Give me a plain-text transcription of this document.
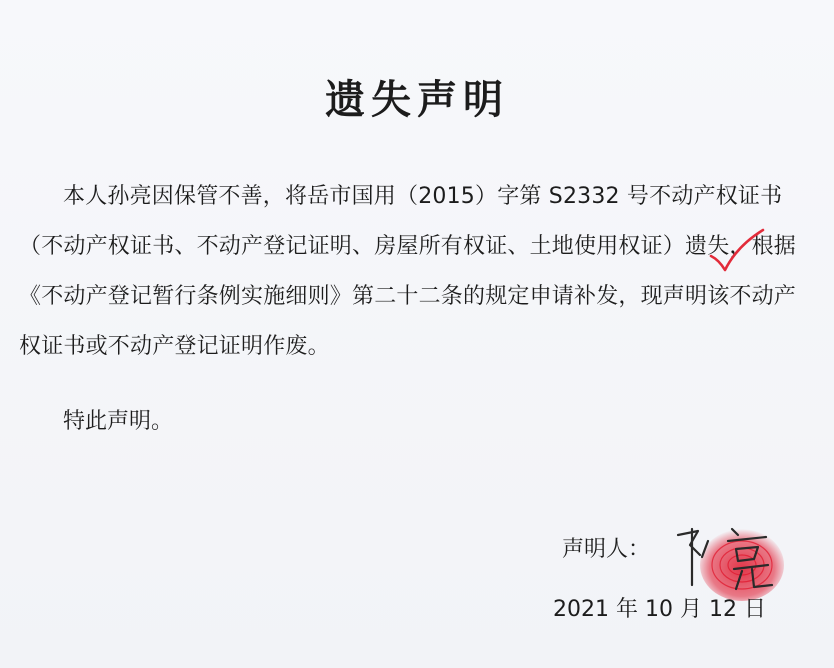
遗失声明

本人孙亮因保管不善，将岳市国用（2015）字第 S2332 号不动产权证书（不动产权证书、不动产登记证明、房屋所有权证、土地使用权证）遗失，根据《不动产登记暂行条例实施细则》第二十二条的规定申请补发，现声明该不动产权证书或不动产登记证明作废。

特此声明。
声明人：
2021 年 10 月 12 日
